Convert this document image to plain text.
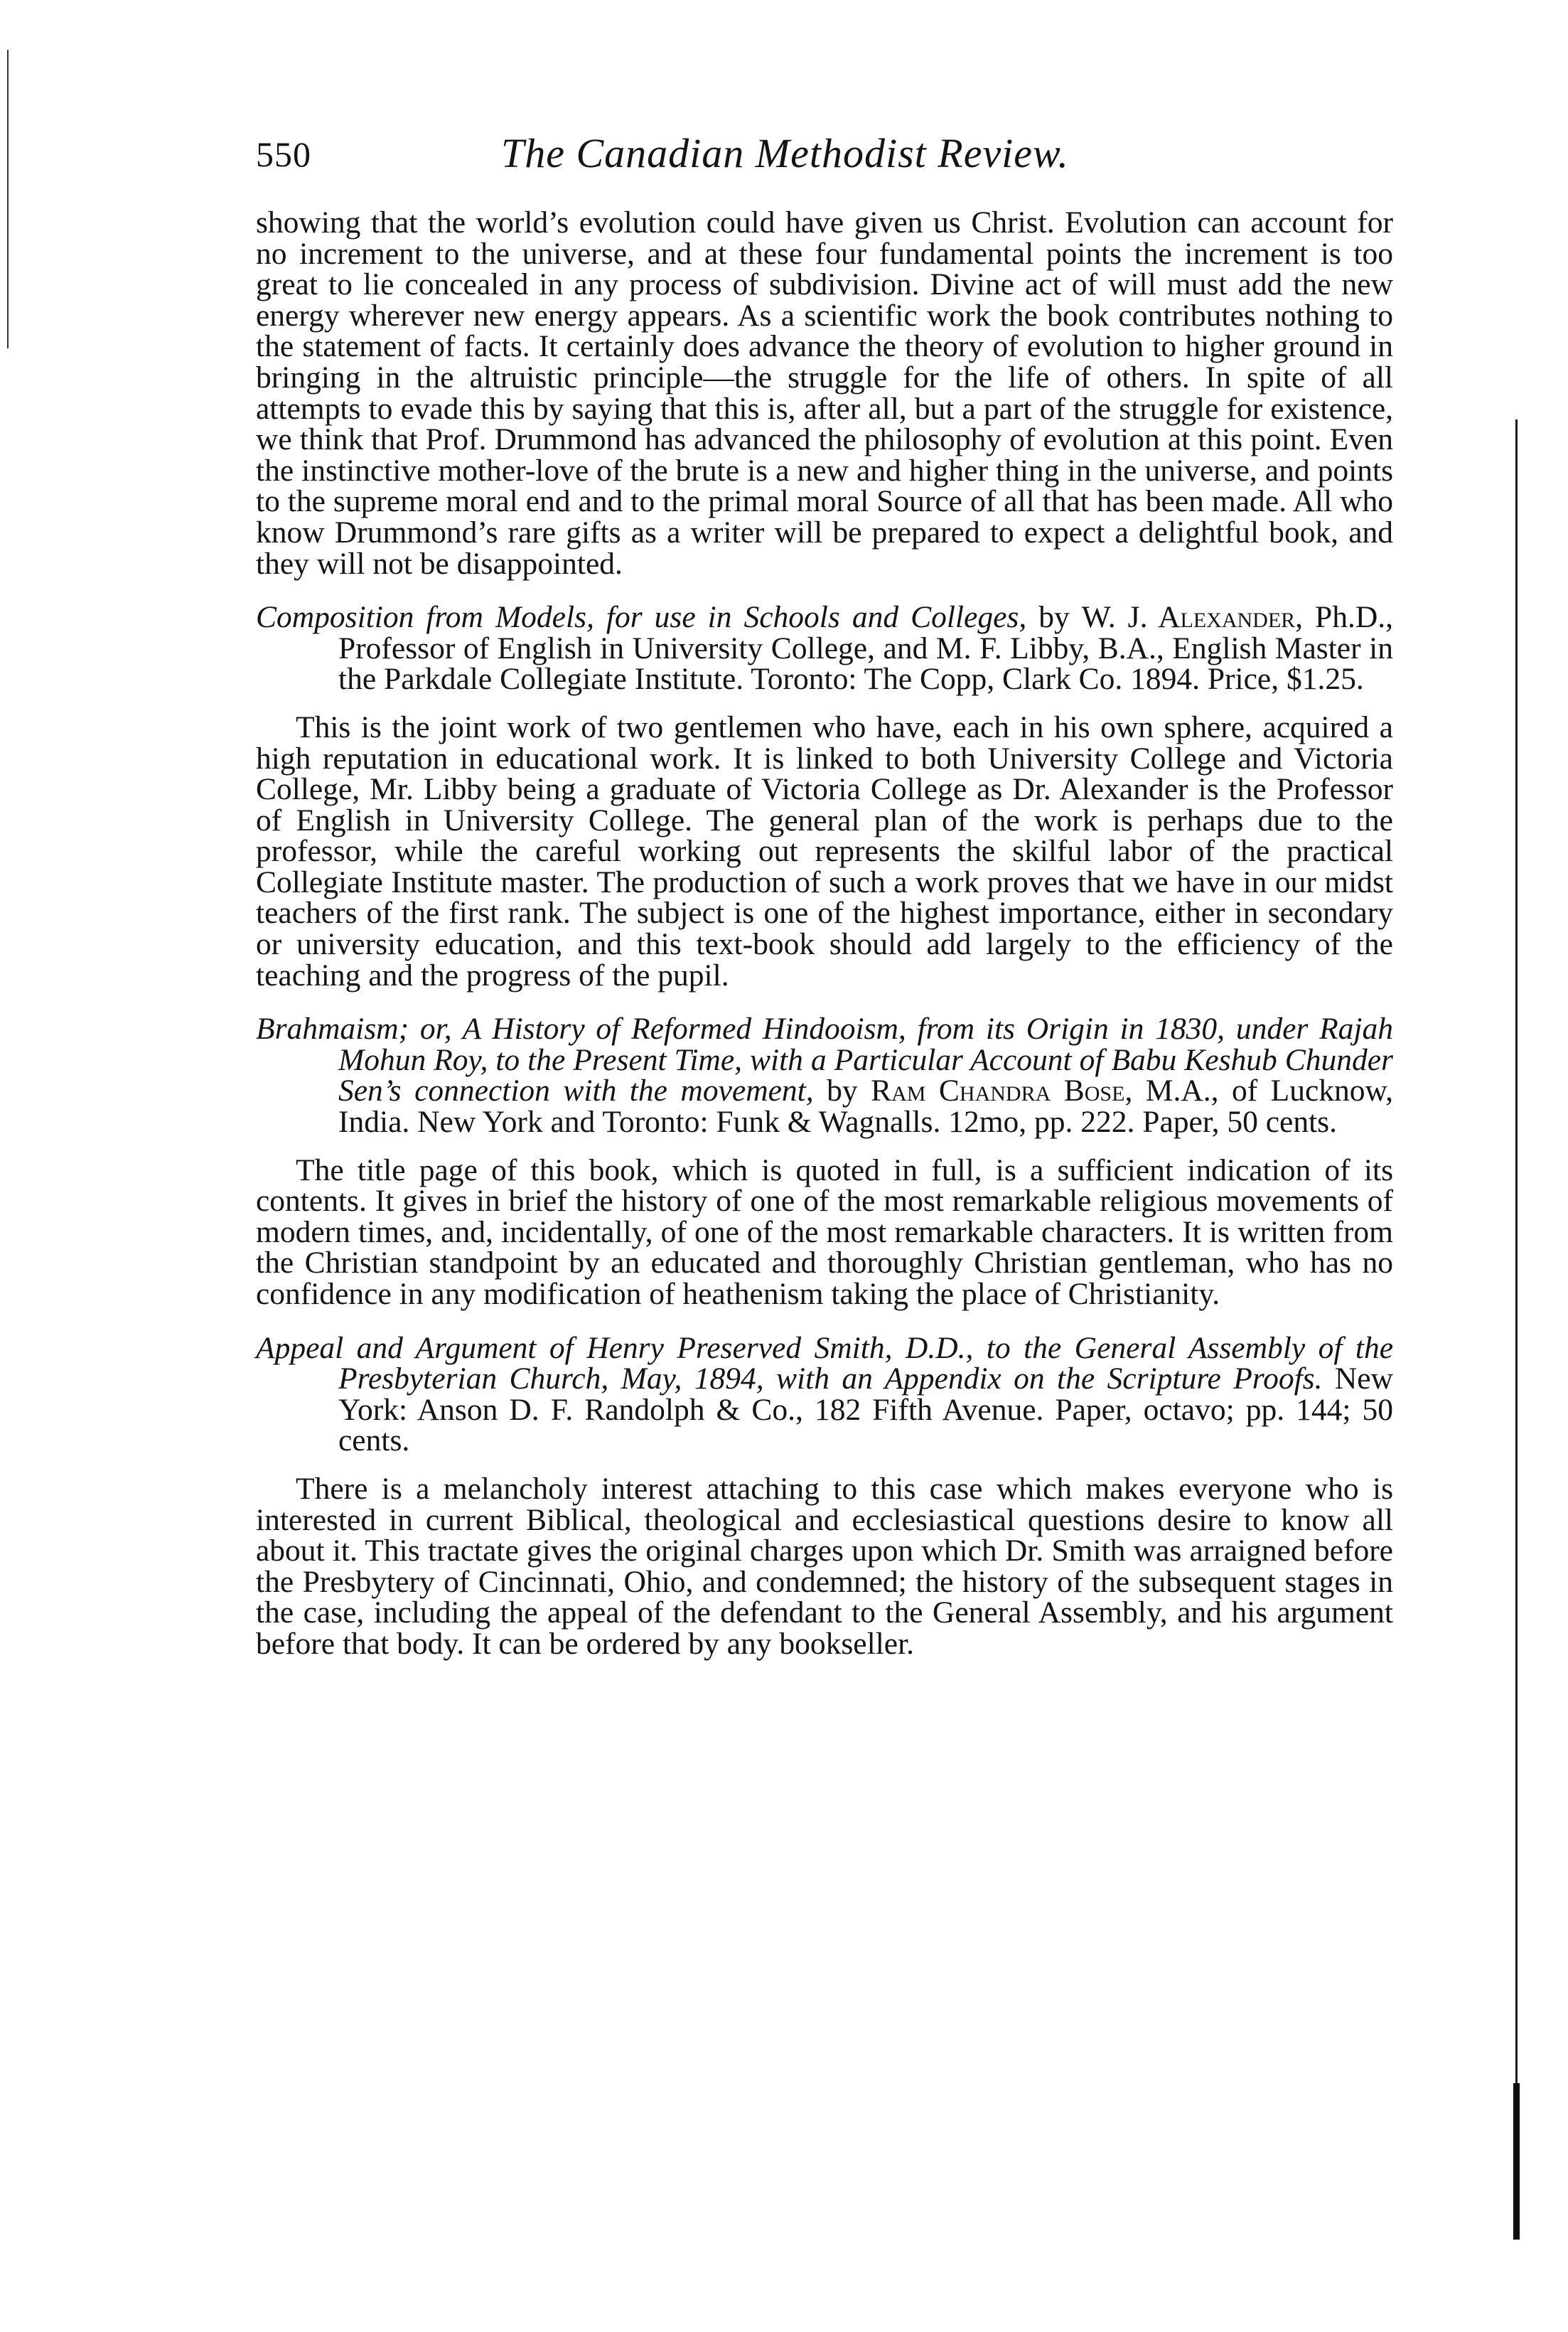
550	The Canadian Methodist Review.

showing that the world’s evolution could have given us Christ. Evolution can account for no increment to the universe, and at these four fundamental points the increment is too great to lie concealed in any process of subdivision. Divine act of will must add the new energy wherever new energy appears. As a scientific work the book contributes nothing to the statement of facts. It certainly does advance the theory of evolution to higher ground in bringing in the altruistic principle—the struggle for the life of others. In spite of all attempts to evade this by saying that this is, after all, but a part of the struggle for existence, we think that Prof. Drummond has advanced the philosophy of evolution at this point. Even the instinctive mother-love of the brute is a new and higher thing in the universe, and points to the supreme moral end and to the primal moral Source of all that has been made. All who know Drummond’s rare gifts as a writer will be prepared to expect a delightful book, and they will not be disappointed.

Composition from Models, for use in Schools and Colleges, by W. J. Alexander, Ph.D., Professor of English in University College, and M. F. Libby, B.A., English Master in the Parkdale Collegiate Institute. Toronto: The Copp, Clark Co. 1894. Price, $1.25.

This is the joint work of two gentlemen who have, each in his own sphere, acquired a high reputation in educational work. It is linked to both University College and Victoria College, Mr. Libby being a graduate of Victoria College as Dr. Alexander is the Professor of English in University College. The general plan of the work is perhaps due to the professor, while the careful working out represents the skilful labor of the practical Collegiate Institute master. The production of such a work proves that we have in our midst teachers of the first rank. The subject is one of the highest importance, either in secondary or university education, and this text-book should add largely to the efficiency of the teaching and the progress of the pupil.

Brahmaism; or, A History of Reformed Hindooism, from its Origin in 1830, under Rajah Mohun Roy, to the Present Time, with a Particular Account of Babu Keshub Chunder Sen’s connection with the movement, by Ram Chandra Bose, M.A., of Lucknow, India. New York and Toronto: Funk & Wagnalls. 12mo, pp. 222. Paper, 50 cents.

The title page of this book, which is quoted in full, is a sufficient indication of its contents. It gives in brief the history of one of the most remarkable religious movements of modern times, and, incidentally, of one of the most remarkable characters. It is written from the Christian standpoint by an educated and thoroughly Christian gentleman, who has no confidence in any modification of heathenism taking the place of Christianity.

Appeal and Argument of Henry Preserved Smith, D.D., to the General Assembly of the Presbyterian Church, May, 1894, with an Appendix on the Scripture Proofs. New York: Anson D. F. Randolph & Co., 182 Fifth Avenue. Paper, octavo; pp. 144; 50 cents.

There is a melancholy interest attaching to this case which makes everyone who is interested in current Biblical, theological and ecclesiastical questions desire to know all about it. This tractate gives the original charges upon which Dr. Smith was arraigned before the Presbytery of Cincinnati, Ohio, and condemned; the history of the subsequent stages in the case, including the appeal of the defendant to the General Assembly, and his argument before that body. It can be ordered by any bookseller.
